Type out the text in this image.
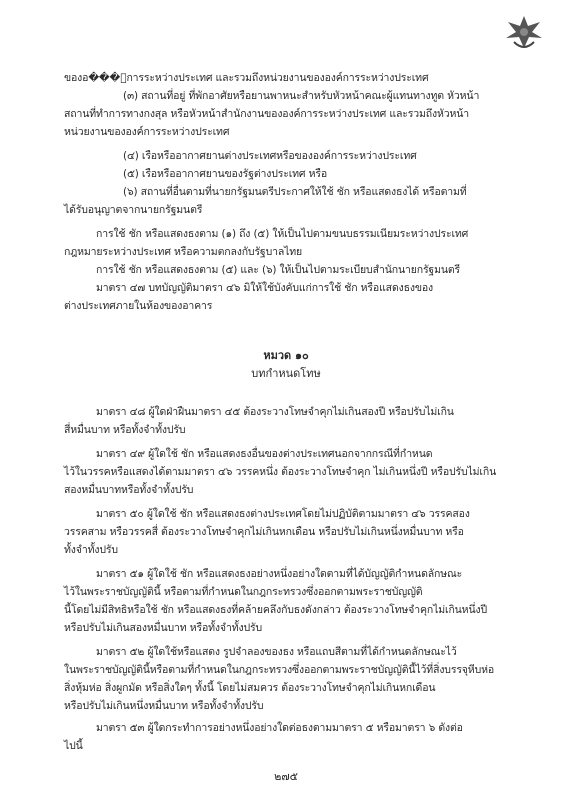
ของอ���์การระหว่างประเทศ และรวมถึงหน่วยงานขององค์การระหว่างประเทศ
(๓) สถานที่อยู่ ที่พักอาศัยหรือยานพาหนะสำหรับหัวหน้าคณะผู้แทนทางทูต หัวหน้า
สถานที่ทำการทางกงสุล หรือหัวหน้าสำนักงานขององค์การระหว่างประเทศ และรวมถึงหัวหน้า
หน่วยงานขององค์การระหว่างประเทศ
(๔) เรือหรืออากาศยานต่างประเทศหรือขององค์การระหว่างประเทศ
(๕) เรือหรืออากาศยานของรัฐต่างประเทศ หรือ
(๖) สถานที่อื่นตามที่นายกรัฐมนตรีประกาศให้ใช้ ชัก หรือแสดงธงได้ หรือตามที่
ได้รับอนุญาตจากนายกรัฐมนตรี
การใช้ ชัก หรือแสดงธงตาม (๑) ถึง (๕) ให้เป็นไปตามขนบธรรมเนียมระหว่างประเทศ
กฎหมายระหว่างประเทศ หรือความตกลงกับรัฐบาลไทย
การใช้ ชัก หรือแสดงธงตาม (๕) และ (๖) ให้เป็นไปตามระเบียบสำนักนายกรัฐมนตรี
มาตรา ๔๗ บทบัญญัติมาตรา ๔๖ มิให้ใช้บังคับแก่การใช้ ชัก หรือแสดงธงของ
ต่างประเทศภายในห้องของอาคาร
หมวด ๑๐
บทกำหนดโทษ
มาตรา ๔๘ ผู้ใดฝ่าฝืนมาตรา ๔๕ ต้องระวางโทษจำคุกไม่เกินสองปี หรือปรับไม่เกิน
สี่หมื่นบาท หรือทั้งจำทั้งปรับ
มาตรา ๔๙ ผู้ใดใช้ ชัก หรือแสดงธงอื่นของต่างประเทศนอกจากกรณีที่กำหนด
ไว้ในวรรคหรือแสดงได้ตามมาตรา ๔๖ วรรคหนึ่ง ต้องระวางโทษจำคุก ไม่เกินหนึ่งปี หรือปรับไม่เกิน
สองหมื่นบาทหรือทั้งจำทั้งปรับ
มาตรา ๕๐ ผู้ใดใช้ ชัก หรือแสดงธงต่างประเทศโดยไม่ปฏิบัติตามมาตรา ๔๖ วรรคสอง
วรรคสาม หรือวรรคสี่ ต้องระวางโทษจำคุกไม่เกินหกเดือน หรือปรับไม่เกินหนึ่งหมื่นบาท หรือ
ทั้งจำทั้งปรับ
มาตรา ๕๑ ผู้ใดใช้ ชัก หรือแสดงธงอย่างหนึ่งอย่างใดตามที่ได้บัญญัติกำหนดลักษณะ
ไว้ในพระราชบัญญัตินี้ หรือตามที่กำหนดในกฎกระทรวงซึ่งออกตามพระราชบัญญัติ
นี้โดยไม่มีสิทธิหรือใช้ ชัก หรือแสดงธงที่คล้ายคลึงกับธงดังกล่าว ต้องระวางโทษจำคุกไม่เกินหนึ่งปี
หรือปรับไม่เกินสองหมื่นบาท หรือทั้งจำทั้งปรับ
มาตรา ๕๒ ผู้ใดใช้หรือแสดง รูปจำลองของธง หรือแถบสีตามที่ได้กำหนดลักษณะไว้
ในพระราชบัญญัตินี้หรือตามที่กำหนดในกฎกระทรวงซึ่งออกตามพระราชบัญญัตินี้ไว้ที่สิ่งบรรจุหีบห่อ
สิ่งหุ้มห่อ สิ่งผูกมัด หรือสิ่งใดๆ ทั้งนี้ โดยไม่สมควร ต้องระวางโทษจำคุกไม่เกินหกเดือน
หรือปรับไม่เกินหนึ่งหมื่นบาท หรือทั้งจำทั้งปรับ
มาตรา ๕๓ ผู้ใดกระทำการอย่างหนึ่งอย่างใดต่อธงตามมาตรา ๕ หรือมาตรา ๖ ดังต่อ
ไปนี้
๒๗๕
